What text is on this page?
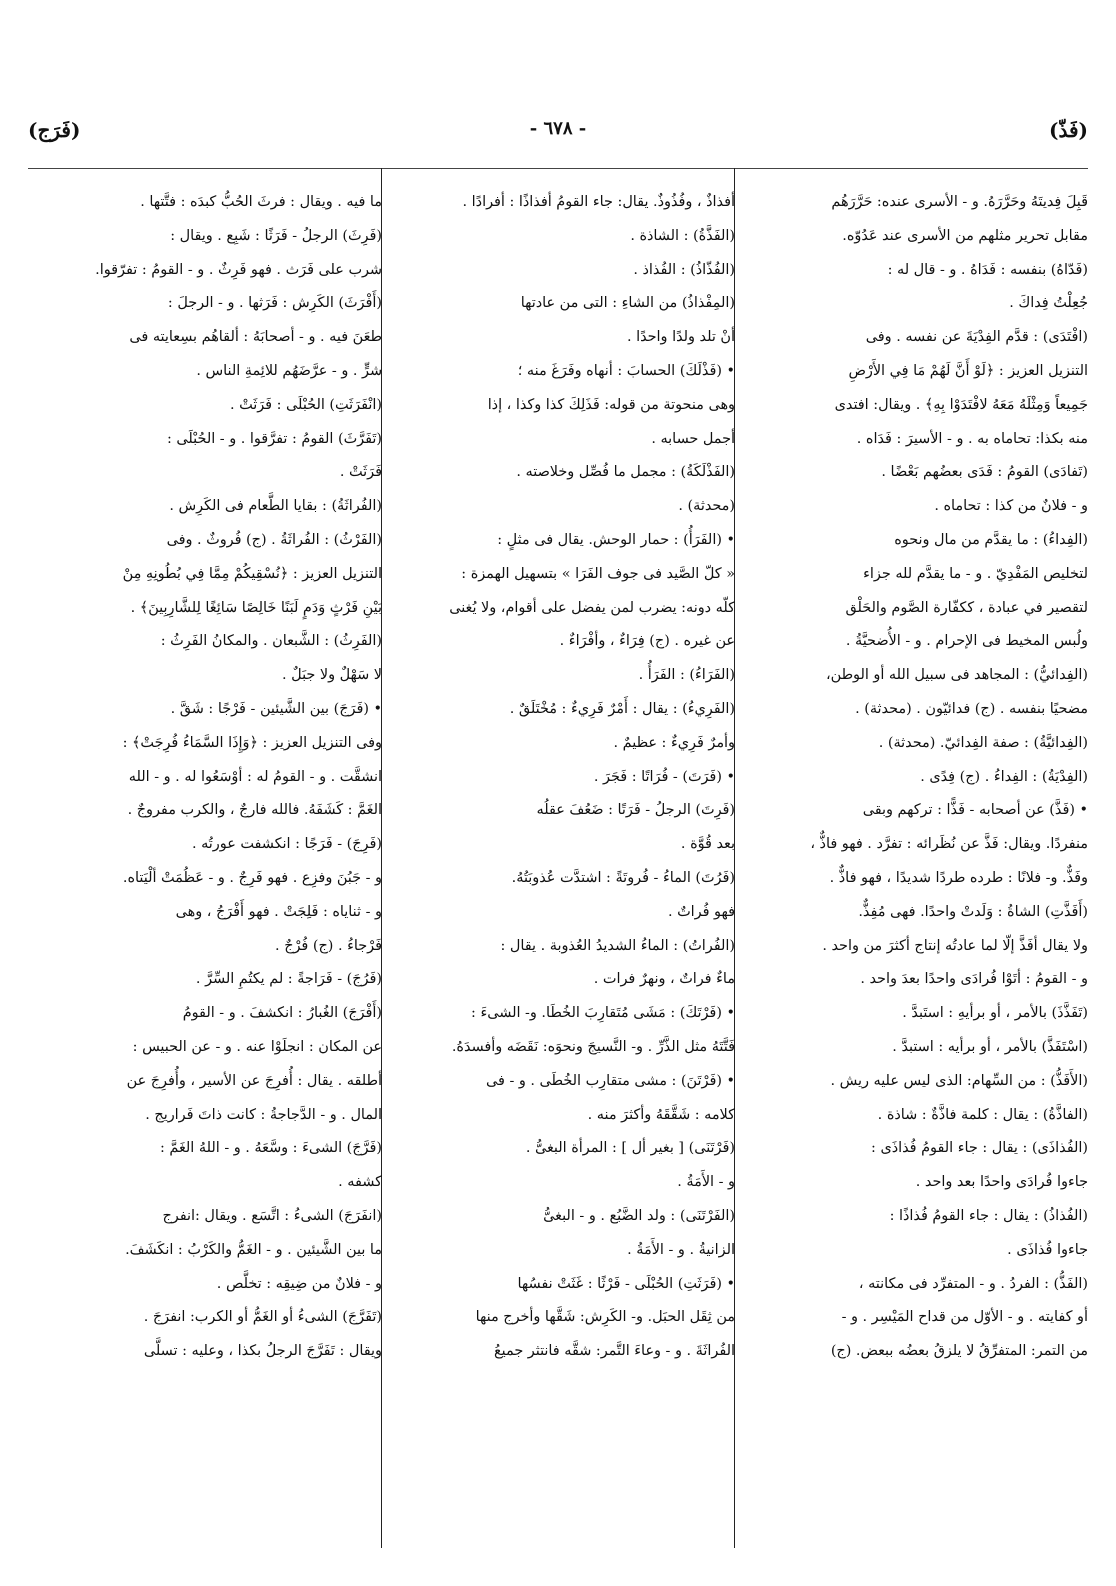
(فَذّ)
- ٦٧٨ -
(فَرَج)
قَبِلَ فِديتَهُ وحَرَّرَهُ. و - الأسرى عنده: حَرَّرَهُم
مقابل تحرير مثلهم من الأسرى عند عَدُوّه.
(فَدّاهُ) بنفسه : فَدَاهُ . و - قال له :
جُعِلْتُ فِداكَ .
(افْتَدَى) : قدَّم الفِدْيَةَ عن نفسه . وفى
التنزيل العزيز : ﴿لَوْ أَنَّ لَهُمْ مَا فِي الأَرْضِ
جَمِيعاً وَمِثْلَهُ مَعَهُ لافْتَدَوْا بِهِ﴾ . ويقال: افتدى
منه بكذا: تحاماه به . و - الأسيرَ : فَدَاه .
(تَفادَى) القومُ : فَدَى بعضُهم بَعْضًا .
و - فلانٌ من كذا : تحاماه .
(الفِداءُ) : ما يقدَّم من مال ونحوه
لتخليص المَفْدِيّ . و - ما يقدَّم لله جزاء
لتقصير في عبادة ، ككفّارة الصَّوم والحَلْق
ولُبس المخيط فى الإحرام . و - الأُضحيَّةُ .
(الفِدائيُّ) : المجاهد فى سبيل الله أو الوطن،
مضحيًا بنفسه . (ج) فدائيّون . (محدثة) .
(الفِدائيَّةُ) : صفة الفِدائيّ. (محدثة) .
(الفِدْيَةُ) : الفِداءُ . (ج) فِدًى .
• (فَذَّ) عن أصحابه - فَذًّا : تركهم وبقى
منفردًا. ويقال: فَذَّ عن نُظَرائه : تفرَّد . فهو فاذٌّ ،
وفَذٌّ. و- فلانًا : طرده طردًا شديدًا ، فهو فاذٌّ .
(أَفَذَّتِ) الشاةُ : وَلَدتْ واحدًا. فهى مُفِذٌّ.
ولا يقال أفَذَّ إلّا لما عادتُه إنتاج أكثرَ من واحد .
و - القومُ : أتَوْا فُرادَى واحدًا بعدَ واحد .
(تَفَذَّذَ) بالأمر ، أو برأيهِ : استَبدَّ .
(اسْتَفَذَّ) بالأمر ، أو برأيه : استبدَّ .
(الأَفَذُّ) : من السِّهام: الذى ليس عليه ريش .
(الفاذَّةُ) : يقال : كلمة فاذَّةٌ : شاذة .
(الفُذاذَى) : يقال : جاء القومُ فُذاذَى :
جاءوا فُرادَى واحدًا بعد واحد .
(الفُذاذُ) : يقال : جاء القومُ فُذاذًا :
جاءوا فُذاذَى .
(الفَذُّ) : الفردُ . و - المتفرِّد فى مكانته ،
أو كفايته . و - الأوّل من قداح المَيْسِر . و -
من التمر: المتفرِّقُ لا يلزقُ بعضُه ببعض. (ج)
أفذاذٌ ، وفُذُوذٌ. يقال: جاء القومُ أفذاذًا : أفرادًا .
(الفَذَّةُ) : الشاذة .
(الفُذّاذُ) : الفُذاذ .
(المِفْذاذُ) من الشاءِ : التى من عادتها
أنْ تلد ولدًا واحدًا .
• (فَذْلَكَ) الحسابَ : أنهاه وفَرَغَ منه ؛
وهى منحوتة من قوله: فَذَلِكَ كذا وكذا ، إذا
أجمل حسابه .
(الفَذْلَكَةُ) : مجمل ما فُصِّل وخلاصته .
(محدثة) .
• (الفَرَأُ) : حمار الوحش. يقال فى مثلٍ :
« كلّ الصَّيد فى جوف الفَرَا » بتسهيل الهمزة :
كلّه دونه: يضرب لمن يفضل على أقوام، ولا يُغنى
عن غيره . (ج) فِرَاءٌ ، وأفْرَاءٌ .
(الفَرَاءُ) : الفَرَأُ .
(الفَرِيءُ) : يقال : أَمْرٌ فَرِيءٌ : مُخْتَلَقٌ .
وأمرٌ فَرِيءٌ : عظيمٌ .
• (فَرَتَ) - فُرَاتًا : فَجَرَ .
(فَرِتَ) الرجلُ - فَرَتًا : ضَعُفَ عقلُه
بعد قُوَّة .
(فَرُتَ) الماءُ - فُروتَةً : اشتدَّت عُذوبَتُهُ.
فهو فُراتٌ .
(الفُراتُ) : الماءُ الشديدُ العُذوبة . يقال :
ماءٌ فراتٌ ، ونهرٌ فرات .
• (فَرْتَكَ) : مَشَى مُتَقارِبَ الخُطَا. و- الشىءَ :
فَتَّتَهُ مثل الذَّرِّ . و- النَّسيجَ ونحوَه: نَقَضَه وأفسدَهُ.
• (فَرْتَنَ) : مشى متقارِب الخُطَى . و - فى
كلامه : شَقَّقَهُ وأكثرَ منه .
(فَرْتَنَى) [ بغير أل ] : المرأة البغىُّ .
و - الأَمَةُ .
(الفَرْتَنَى) : ولد الضَّبُع . و - البغىُّ
الزانيةُ . و - الأَمَةُ .
• (فَرَثَتِ) الحُبْلَى - فَرْثًا : غَثَتْ نفسُها
من ثِقَل الحبَل. و- الكَرِش: شَقَّها وأخرج منها
الفُراثَةَ . و - وعاءَ التَّمر: شقَّه فانتثر جميعُ
ما فيه . ويقال : فرثَ الحُبُّ كبدَه : فتَّتها .
(فَرِثَ) الرجلُ - فَرَثًا : شَبِع . ويقال :
شرب على فَرَث . فهو فَرِثٌ . و - القومُ : تفرّقوا.
(أَفْرَثَ) الكَرِش : فَرَثها . و - الرجلَ :
طعَنَ فيه . و - أصحابَهُ : ألقاهُم بسِعايته فى
شرٍّ . و - عرَّضَهُم للائِمةِ الناس .
(انْفَرَثَتِ) الحُبْلَى : فَرَثَتْ .
(تَفَرَّثَ) القومُ : تفرَّقوا . و - الحُبْلَى :
فَرَثَتْ .
(الفُراثَةُ) : بقايا الطَّعام فى الكَرِش .
(الفَرْثُ) : الفُراثَةُ . (ج) فُروثٌ . وفى
التنزيل العزيز : ﴿نُسْقِيكُمْ مِمَّا فِي بُطُونِهِ مِنْ
بَيْنِ فَرْثٍ وَدَمٍ لَبَنًا خَالِصًا سَائِغًا لِلشَّارِبِينَ﴾ .
(الفَرِثُ) : الشَّبعان . والمكانُ الفَرِثُ :
لا سَهْلٌ ولا جبَلٌ .
• (فَرَجَ) بين الشَّيئين - فَرْجًا : شَقَّ .
وفى التنزيل العزيز : ﴿وَإِذَا السَّمَاءُ فُرِجَتْ﴾ :
انشقَّت . و - القومُ له : أوْسَعُوا له . و - الله
الغَمَّ : كَشَفَهُ. فالله فارجٌ ، والكرب مفروجٌ .
(فَرِجَ) - فَرَجًا : انكشفت عورتُه .
و - جَبُنَ وفزِع . فهو فَرِجٌ . و - عَظُمَتْ ألْيَتاه.
و - ثناياه : فَلِجَتْ . فهو أَفْرَجُ ، وهى
فَرْجاءُ . (ج) فُرْجٌ .
(فَرُجَ) - فَرَاجةً : لم يكتُمِ السِّرَّ .
(أَفْرَجَ) الغُبارُ : انكشفَ . و - القومُ
عن المكان : انجلَوْا عنه . و - عن الحبيس :
أطلقه . يقال : أُفرِجَ عن الأسير ، وأُفرِجَ عن
المال . و - الدَّجاجةُ : كانت ذاتَ فَراريج .
(فَرَّجَ) الشىءَ : وسَّعَهُ . و - اللهُ الغَمَّ :
كشفه .
(انفَرَجَ) الشىءُ : اتَّسَع . ويقال :انفرج
ما بين الشَّيئين . و - الغَمُّ والكَرْبُ : انكَشَفَ.
و - فلانٌ من ضِيقِه : تخلَّص .
(تَفَرَّجَ) الشىءُ أو الغَمُّ أو الكرب: انفرَجَ .
ويقال : تَفَرَّجَ الرجلُ بكذا ، وعليه : تسلَّى
